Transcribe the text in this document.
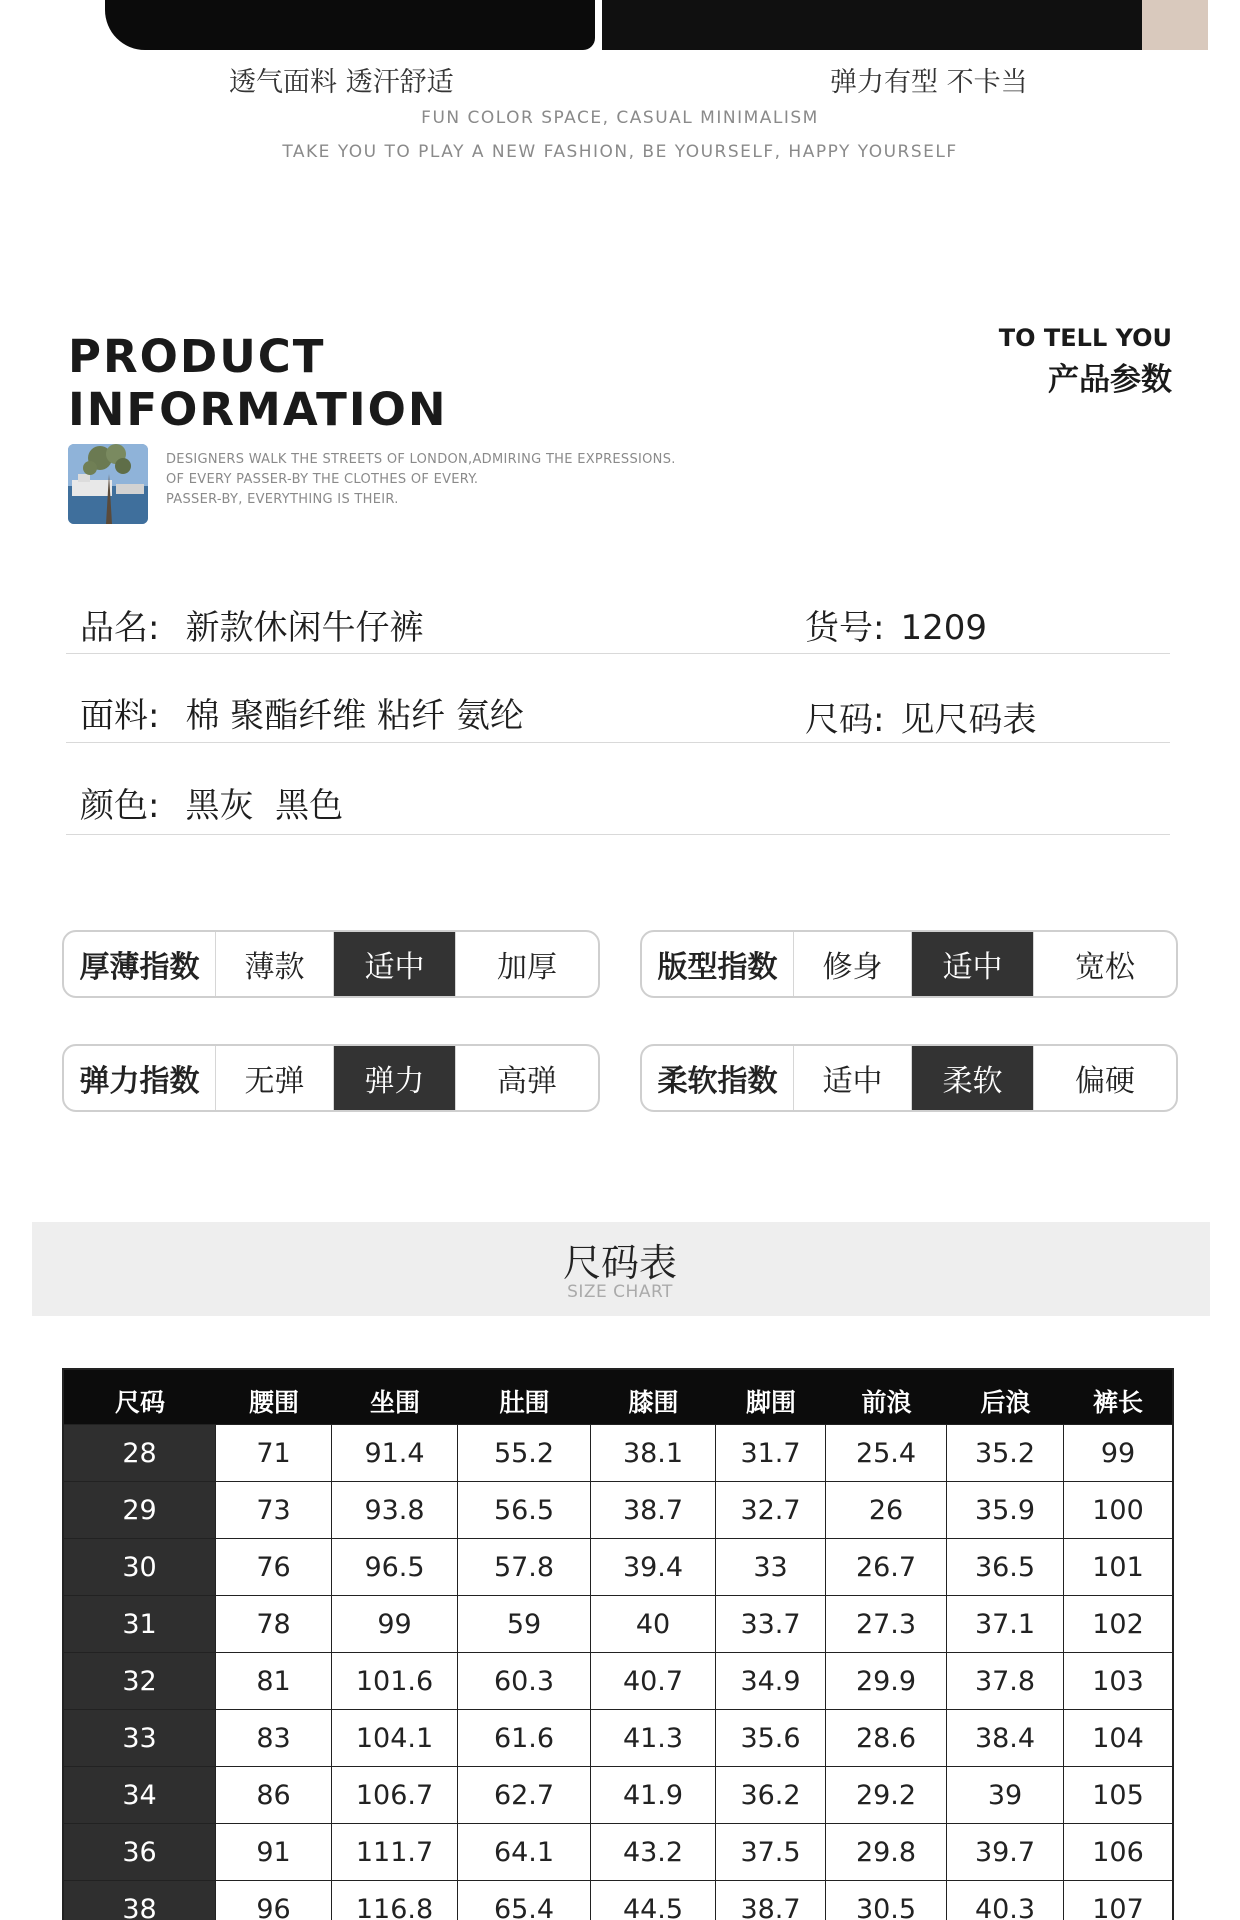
透气面料 透汗舒适	弹力有型 不卡当
FUN COLOR SPACE, CASUAL MINIMALISM
TAKE YOU TO PLAY A NEW FASHION, BE YOURSELF, HAPPY YOURSELF
PRODUCT
INFORMATION
TO TELL YOU
产品参数
DESIGNERS WALK THE STREETS OF LONDON,ADMIRING THE EXPRESSIONS.
OF EVERY PASSER-BY THE CLOTHES OF EVERY.
PASSER-BY, EVERYTHING IS THEIR.
品名: 新款休闲牛仔裤	货号: 1209
面料: 棉 聚酯纤维 粘纤 氨纶	尺码: 见尺码表
颜色: 黑灰  黑色
厚薄指数	薄款	适中	加厚	版型指数	修身	适中	宽松
弹力指数	无弹	弹力	高弹	柔软指数	适中	柔软	偏硬
尺码表
SIZE CHART
尺码	腰围	坐围	肚围	膝围	脚围	前浪	后浪	裤长
28	71	91.4	55.2	38.1	31.7	25.4	35.2	99
29	73	93.8	56.5	38.7	32.7	26	35.9	100
30	76	96.5	57.8	39.4	33	26.7	36.5	101
31	78	99	59	40	33.7	27.3	37.1	102
32	81	101.6	60.3	40.7	34.9	29.9	37.8	103
33	83	104.1	61.6	41.3	35.6	28.6	38.4	104
34	86	106.7	62.7	41.9	36.2	29.2	39	105
36	91	111.7	64.1	43.2	37.5	29.8	39.7	106
38	96	116.8	65.4	44.5	38.7	30.5	40.3	107
